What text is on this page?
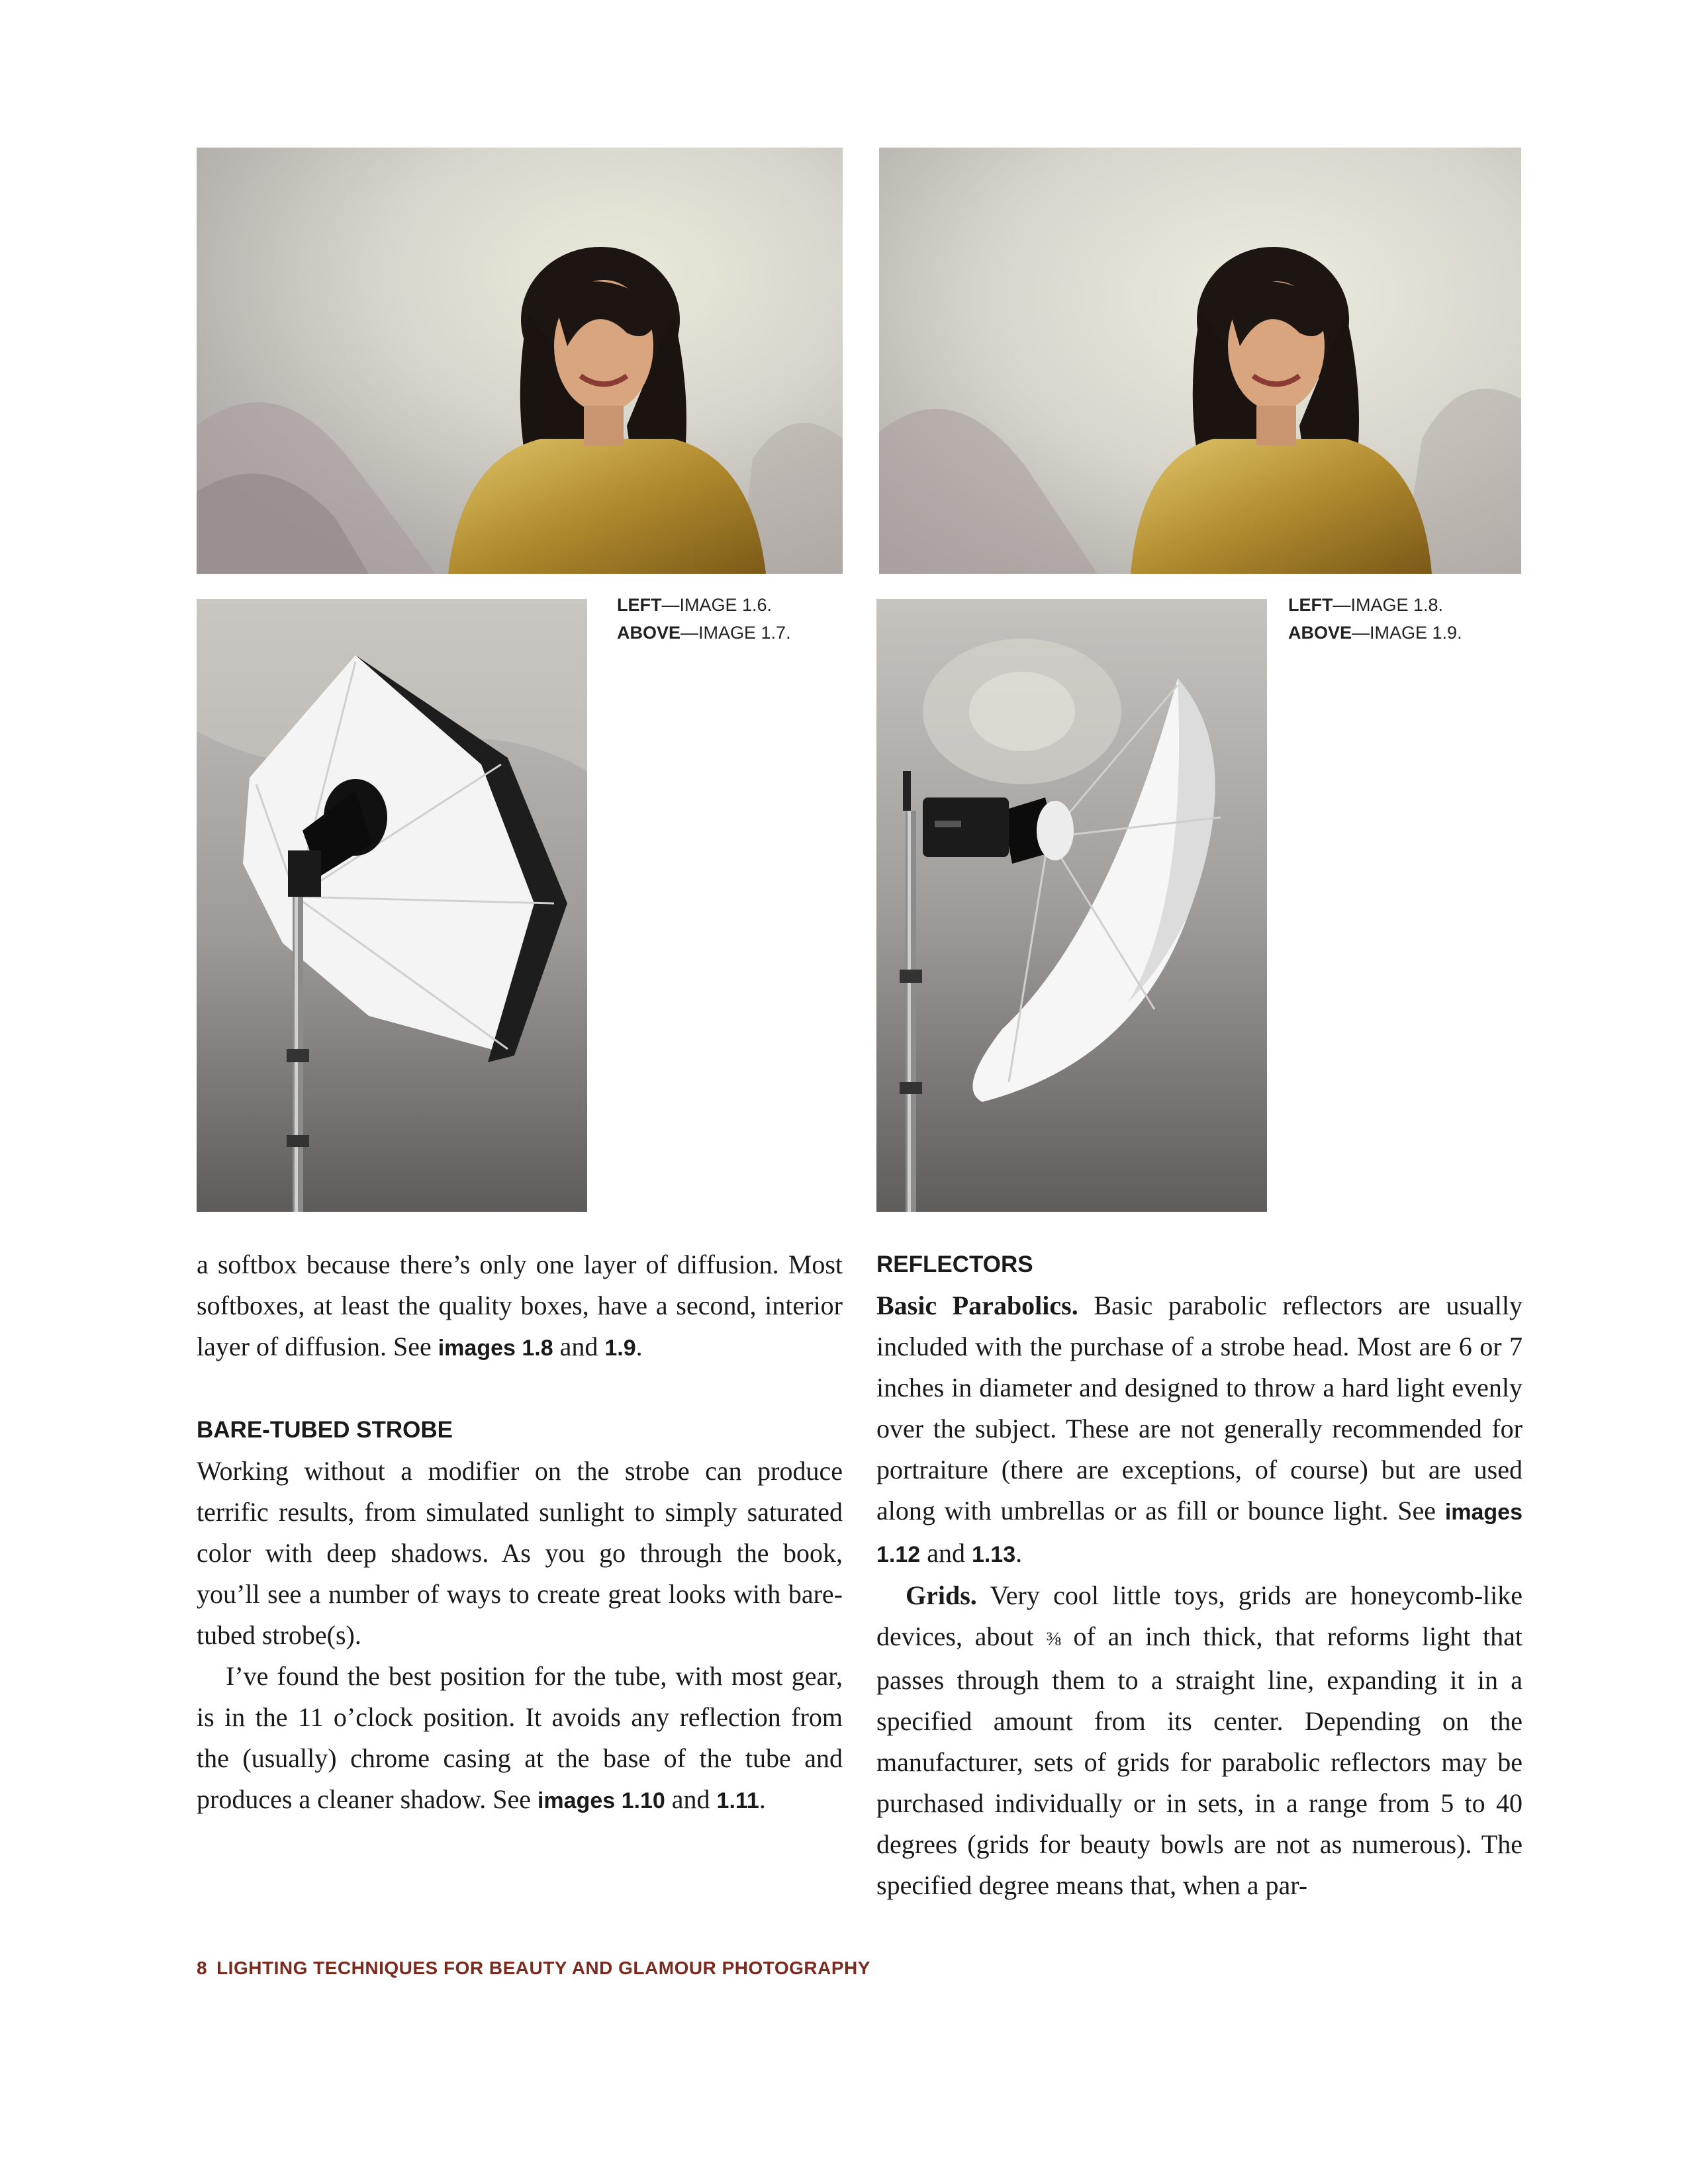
LEFT—IMAGE 1.6.
ABOVE—IMAGE 1.7.
LEFT—IMAGE 1.8.
ABOVE—IMAGE 1.9.

a softbox because there’s only one layer of diffusion. Most softboxes, at least the quality boxes, have a second, interior layer of diffusion. See images 1.8 and 1.9.

BARE-TUBED STROBE

Working without a modifier on the strobe can produce terrific results, from simulated sunlight to simply saturated color with deep shadows. As you go through the book, you’ll see a number of ways to create great looks with bare-tubed strobe(s).

I’ve found the best position for the tube, with most gear, is in the 11 o’clock position. It avoids any reflection from the (usually) chrome casing at the base of the tube and produces a cleaner shadow. See images 1.10 and 1.11.

REFLECTORS

Basic Parabolics. Basic parabolic reflectors are usually included with the purchase of a strobe head. Most are 6 or 7 inches in diameter and designed to throw a hard light evenly over the subject. These are not generally recommended for portraiture (there are exceptions, of course) but are used along with umbrellas or as fill or bounce light. See images 1.12 and 1.13.

Grids. Very cool little toys, grids are honeycomb-like devices, about ⅜ of an inch thick, that reforms light that passes through them to a straight line, expanding it in a specified amount from its center. Depending on the manufacturer, sets of grids for parabolic reflectors may be purchased individually or in sets, in a range from 5 to 40 degrees (grids for beauty bowls are not as numerous). The specified degree means that, when a par-

8 LIGHTING TECHNIQUES FOR BEAUTY AND GLAMOUR PHOTOGRAPHY
